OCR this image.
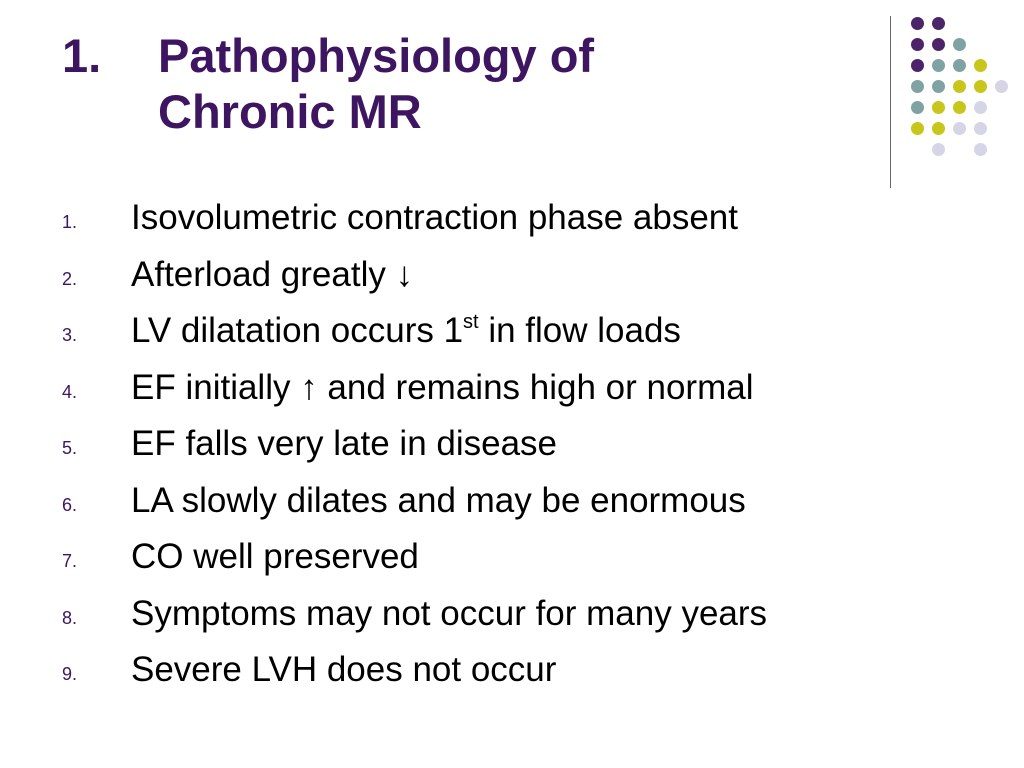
1.	Pathophysiology of
Chronic MR
1.	Isovolumetric contraction phase absent
2.	Afterload greatly ↓
3.	LV dilatation occurs 1st in flow loads
4.	EF initially ↑ and remains high or normal
5.	EF falls very late in disease
6.	LA slowly dilates and may be enormous
7.	CO well preserved
8.	Symptoms may not occur for many years
9.	Severe LVH does not occur
